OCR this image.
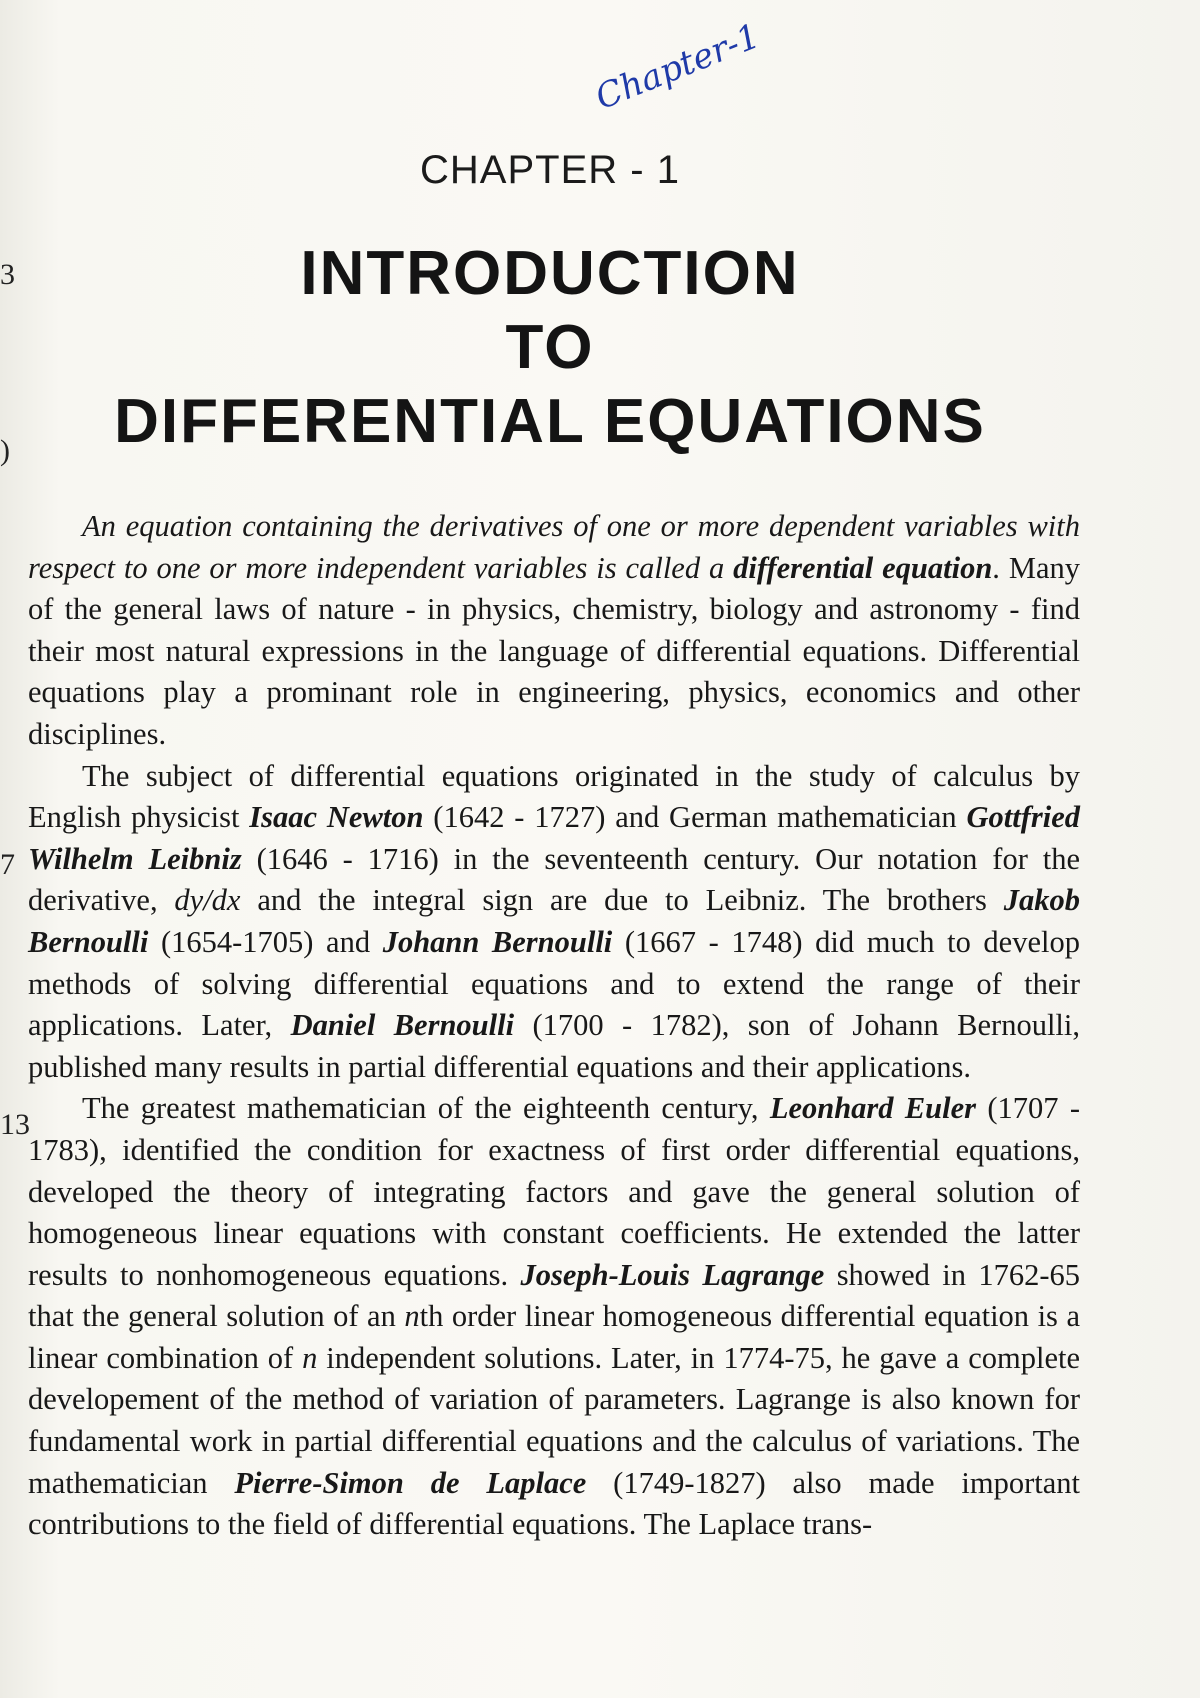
Chapter-1
CHAPTER - 1
INTRODUCTION
TO
DIFFERENTIAL EQUATIONS
3
)
7
13

An equation containing the derivatives of one or more dependent variables with respect to one or more independent variables is called a differential equation. Many of the general laws of nature - in physics, chemistry, biology and astronomy - find their most natural expressions in the language of differential equations. Differential equations play a prominant role in engineering, physics, economics and other disciplines.

The subject of differential equations originated in the study of calculus by English physicist Isaac Newton (1642 - 1727) and German mathematician Gottfried Wilhelm Leibniz (1646 - 1716) in the seventeenth century. Our notation for the derivative, dy/dx and the integral sign are due to Leibniz. The brothers Jakob Bernoulli (1654-1705) and Johann Bernoulli (1667 - 1748) did much to develop methods of solving differential equations and to extend the range of their applications. Later, Daniel Bernoulli (1700 - 1782), son of Johann Bernoulli, published many results in partial differential equations and their applications.

The greatest mathematician of the eighteenth century, Leonhard Euler (1707 - 1783), identified the condition for exactness of first order differential equations, developed the theory of integrating factors and gave the general solution of homogeneous linear equations with constant coefficients. He extended the latter results to nonhomogeneous equations. Joseph-Louis Lagrange showed in 1762-65 that the general solution of an nth order linear homogeneous differential equation is a linear combination of n independent solutions. Later, in 1774-75, he gave a complete developement of the method of variation of parameters. Lagrange is also known for fundamental work in partial differential equations and the calculus of variations. The mathematician Pierre-Simon de Laplace (1749-1827) also made important contributions to the field of differential equations. The Laplace trans-
